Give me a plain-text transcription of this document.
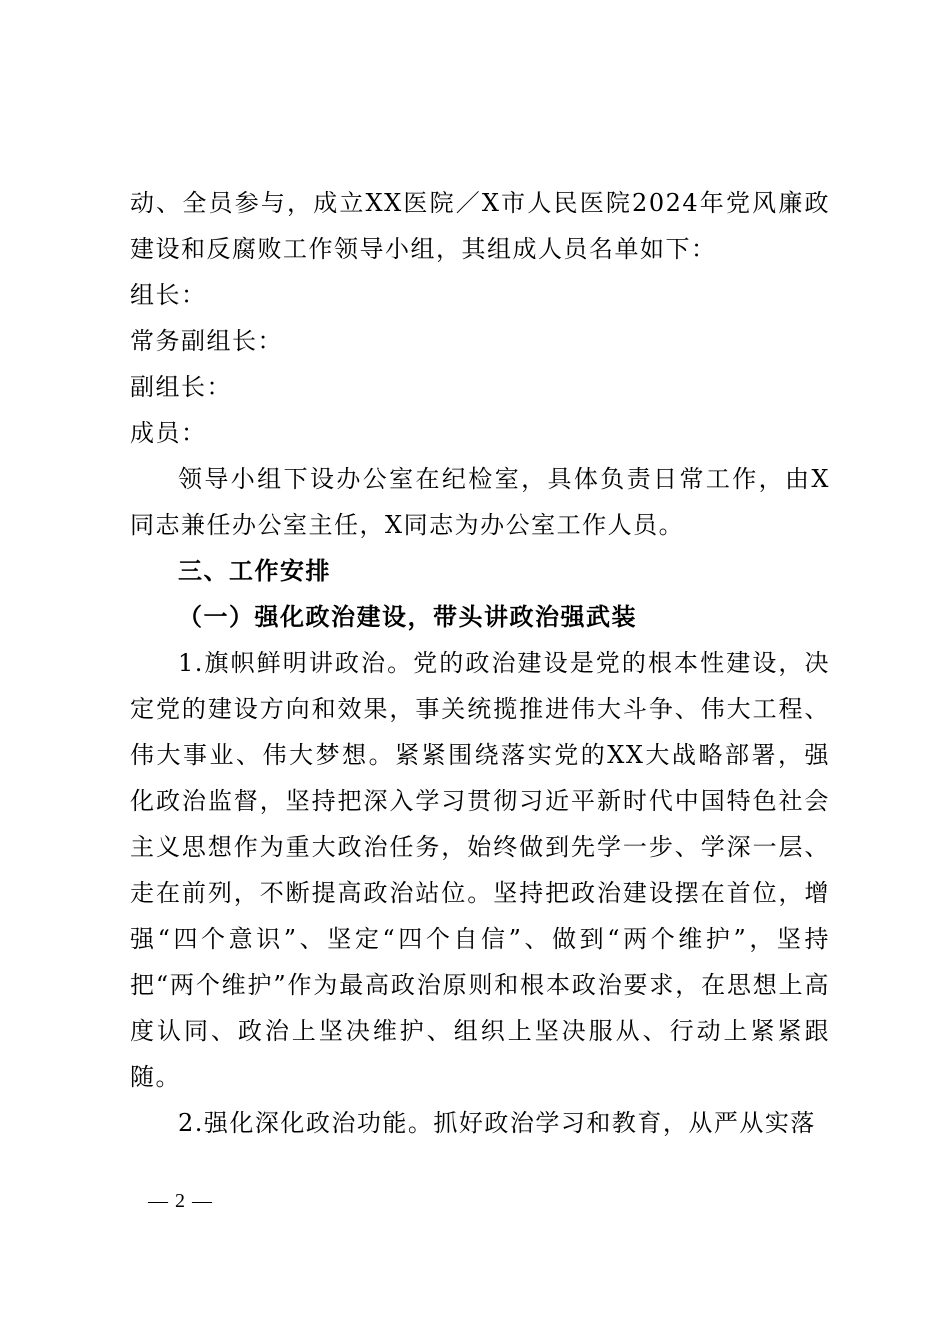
动、全员参与，成立XX医院／X市人民医院2024年党风廉政建设和反腐败工作领导小组，其组成人员名单如下：

组长：

常务副组长：

副组长：

成员：

领导小组下设办公室在纪检室，具体负责日常工作，由X同志兼任办公室主任，X同志为办公室工作人员。

三、工作安排

（一）强化政治建设，带头讲政治强武装

1.旗帜鲜明讲政治。党的政治建设是党的根本性建设，决定党的建设方向和效果，事关统揽推进伟大斗争、伟大工程、伟大事业、伟大梦想。紧紧围绕落实党的XX大战略部署，强化政治监督，坚持把深入学习贯彻习近平新时代中国特色社会主义思想作为重大政治任务，始终做到先学一步、学深一层、走在前列，不断提高政治站位。坚持把政治建设摆在首位，增强“四个意识”、坚定“四个自信”、做到“两个维护”，坚持把“两个维护”作为最高政治原则和根本政治要求，在思想上高度认同、政治上坚决维护、组织上坚决服从、行动上紧紧跟随。

2.强化深化政治功能。抓好政治学习和教育，从严从实落

— 2 —
